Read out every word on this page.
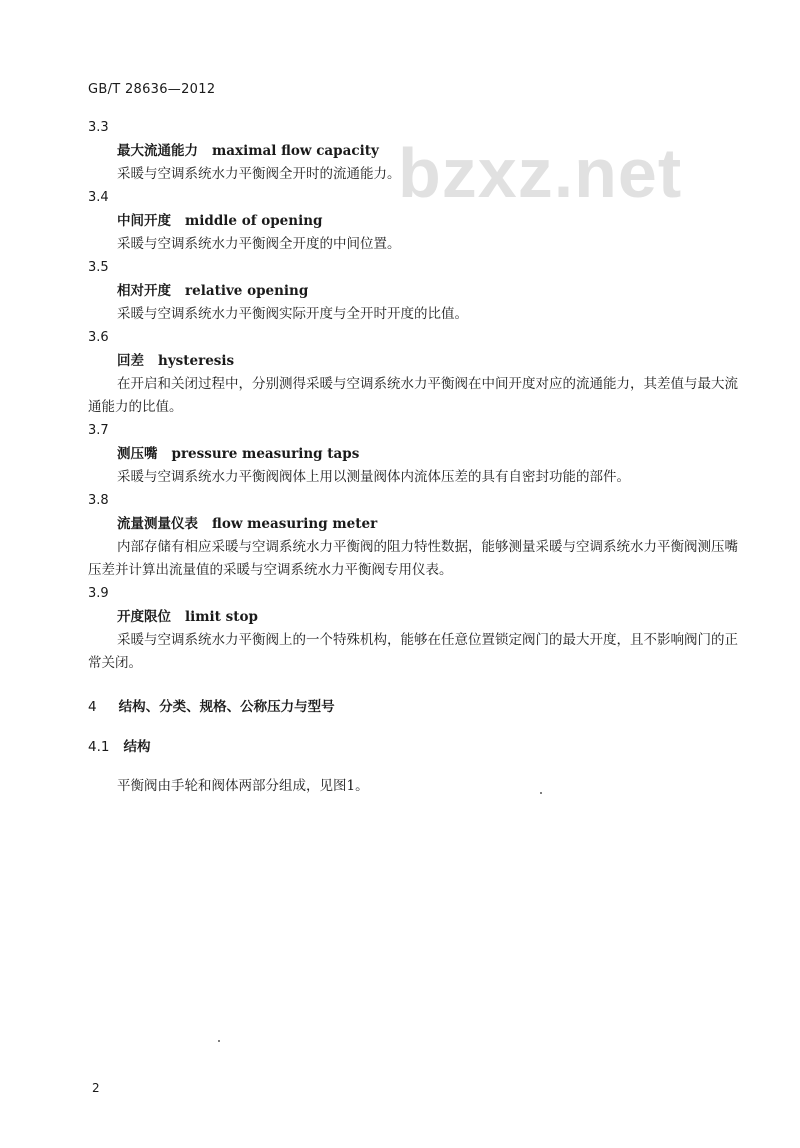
GB/T 28636—2012
bzxz.net
3.3
最大流通能力 maximal flow capacity
采暖与空调系统水力平衡阀全开时的流通能力。
3.4
中间开度 middle of opening
采暖与空调系统水力平衡阀全开度的中间位置。
3.5
相对开度 relative opening
采暖与空调系统水力平衡阀实际开度与全开时开度的比值。
3.6
回差 hysteresis
在开启和关闭过程中，分别测得采暖与空调系统水力平衡阀在中间开度对应的流通能力，其差值与最大流通能力的比值。
3.7
测压嘴 pressure measuring taps
采暖与空调系统水力平衡阀阀体上用以测量阀体内流体压差的具有自密封功能的部件。
3.8
流量测量仪表 flow measuring meter
内部存储有相应采暖与空调系统水力平衡阀的阻力特性数据，能够测量采暖与空调系统水力平衡阀测压嘴压差并计算出流量值的采暖与空调系统水力平衡阀专用仪表。
3.9
开度限位 limit stop
采暖与空调系统水力平衡阀上的一个特殊机构，能够在任意位置锁定阀门的最大开度，且不影响阀门的正常关闭。
4 结构、分类、规格、公称压力与型号
4.1 结构
平衡阀由手轮和阀体两部分组成，见图1。
2
